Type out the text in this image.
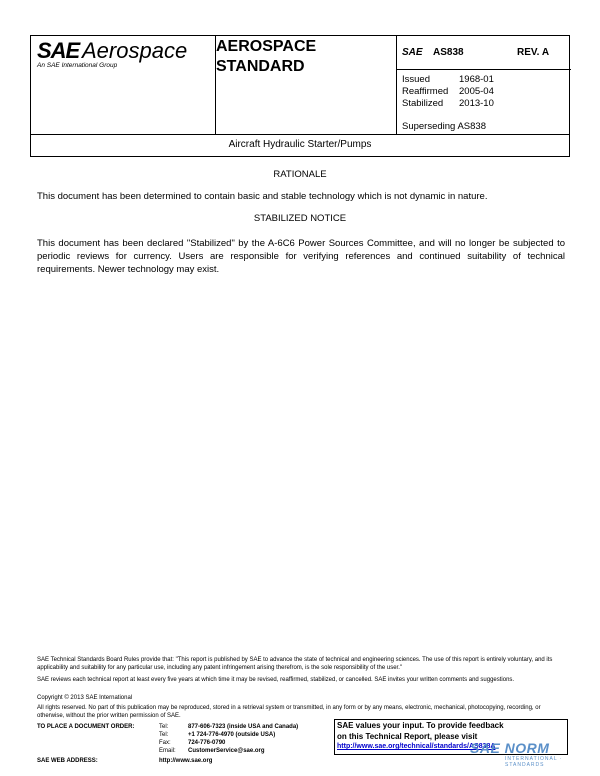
SAE Aerospace
An SAE International Group
AEROSPACE
STANDARD
SAE AS838	REV. A
Issued	1968-01
Reaffirmed 2005-04
Stabilized 2013-10
Superseding AS838
Aircraft Hydraulic Starter/Pumps
RATIONALE
This document has been determined to contain basic and stable technology which is not dynamic in nature.
STABILIZED NOTICE
This document has been declared "Stabilized" by the A-6C6 Power Sources Committee, and will no longer be subjected to periodic reviews for currency. Users are responsible for verifying references and continued suitability of technical requirements. Newer technology may exist.
SAE Technical Standards Board Rules provide that: "This report is published by SAE to advance the state of technical and engineering sciences. The use of this report is entirely voluntary, and its applicability and suitability for any particular use, including any patent infringement arising therefrom, is the sole responsibility of the user."
SAE reviews each technical report at least every five years at which time it may be revised, reaffirmed, stabilized, or cancelled. SAE invites your written comments and suggestions.
Copyright © 2013 SAE International
All rights reserved. No part of this publication may be reproduced, stored in a retrieval system or transmitted, in any form or by any means, electronic, mechanical, photocopying, recording, or otherwise, without the prior written permission of SAE.
TO PLACE A DOCUMENT ORDER:	Tel:	877-606-7323 (inside USA and Canada)
Tel:	+1 724-776-4970 (outside USA)
Fax:	724-776-0790
Email: CustomerService@sae.org
SAE WEB ADDRESS:	http://www.sae.org
SAE values your input. To provide feedback
on this Technical Report, please visit
http://www.sae.org/technical/standards/AS838A
SAE NORM
INTERNATIONAL · STANDARDS
